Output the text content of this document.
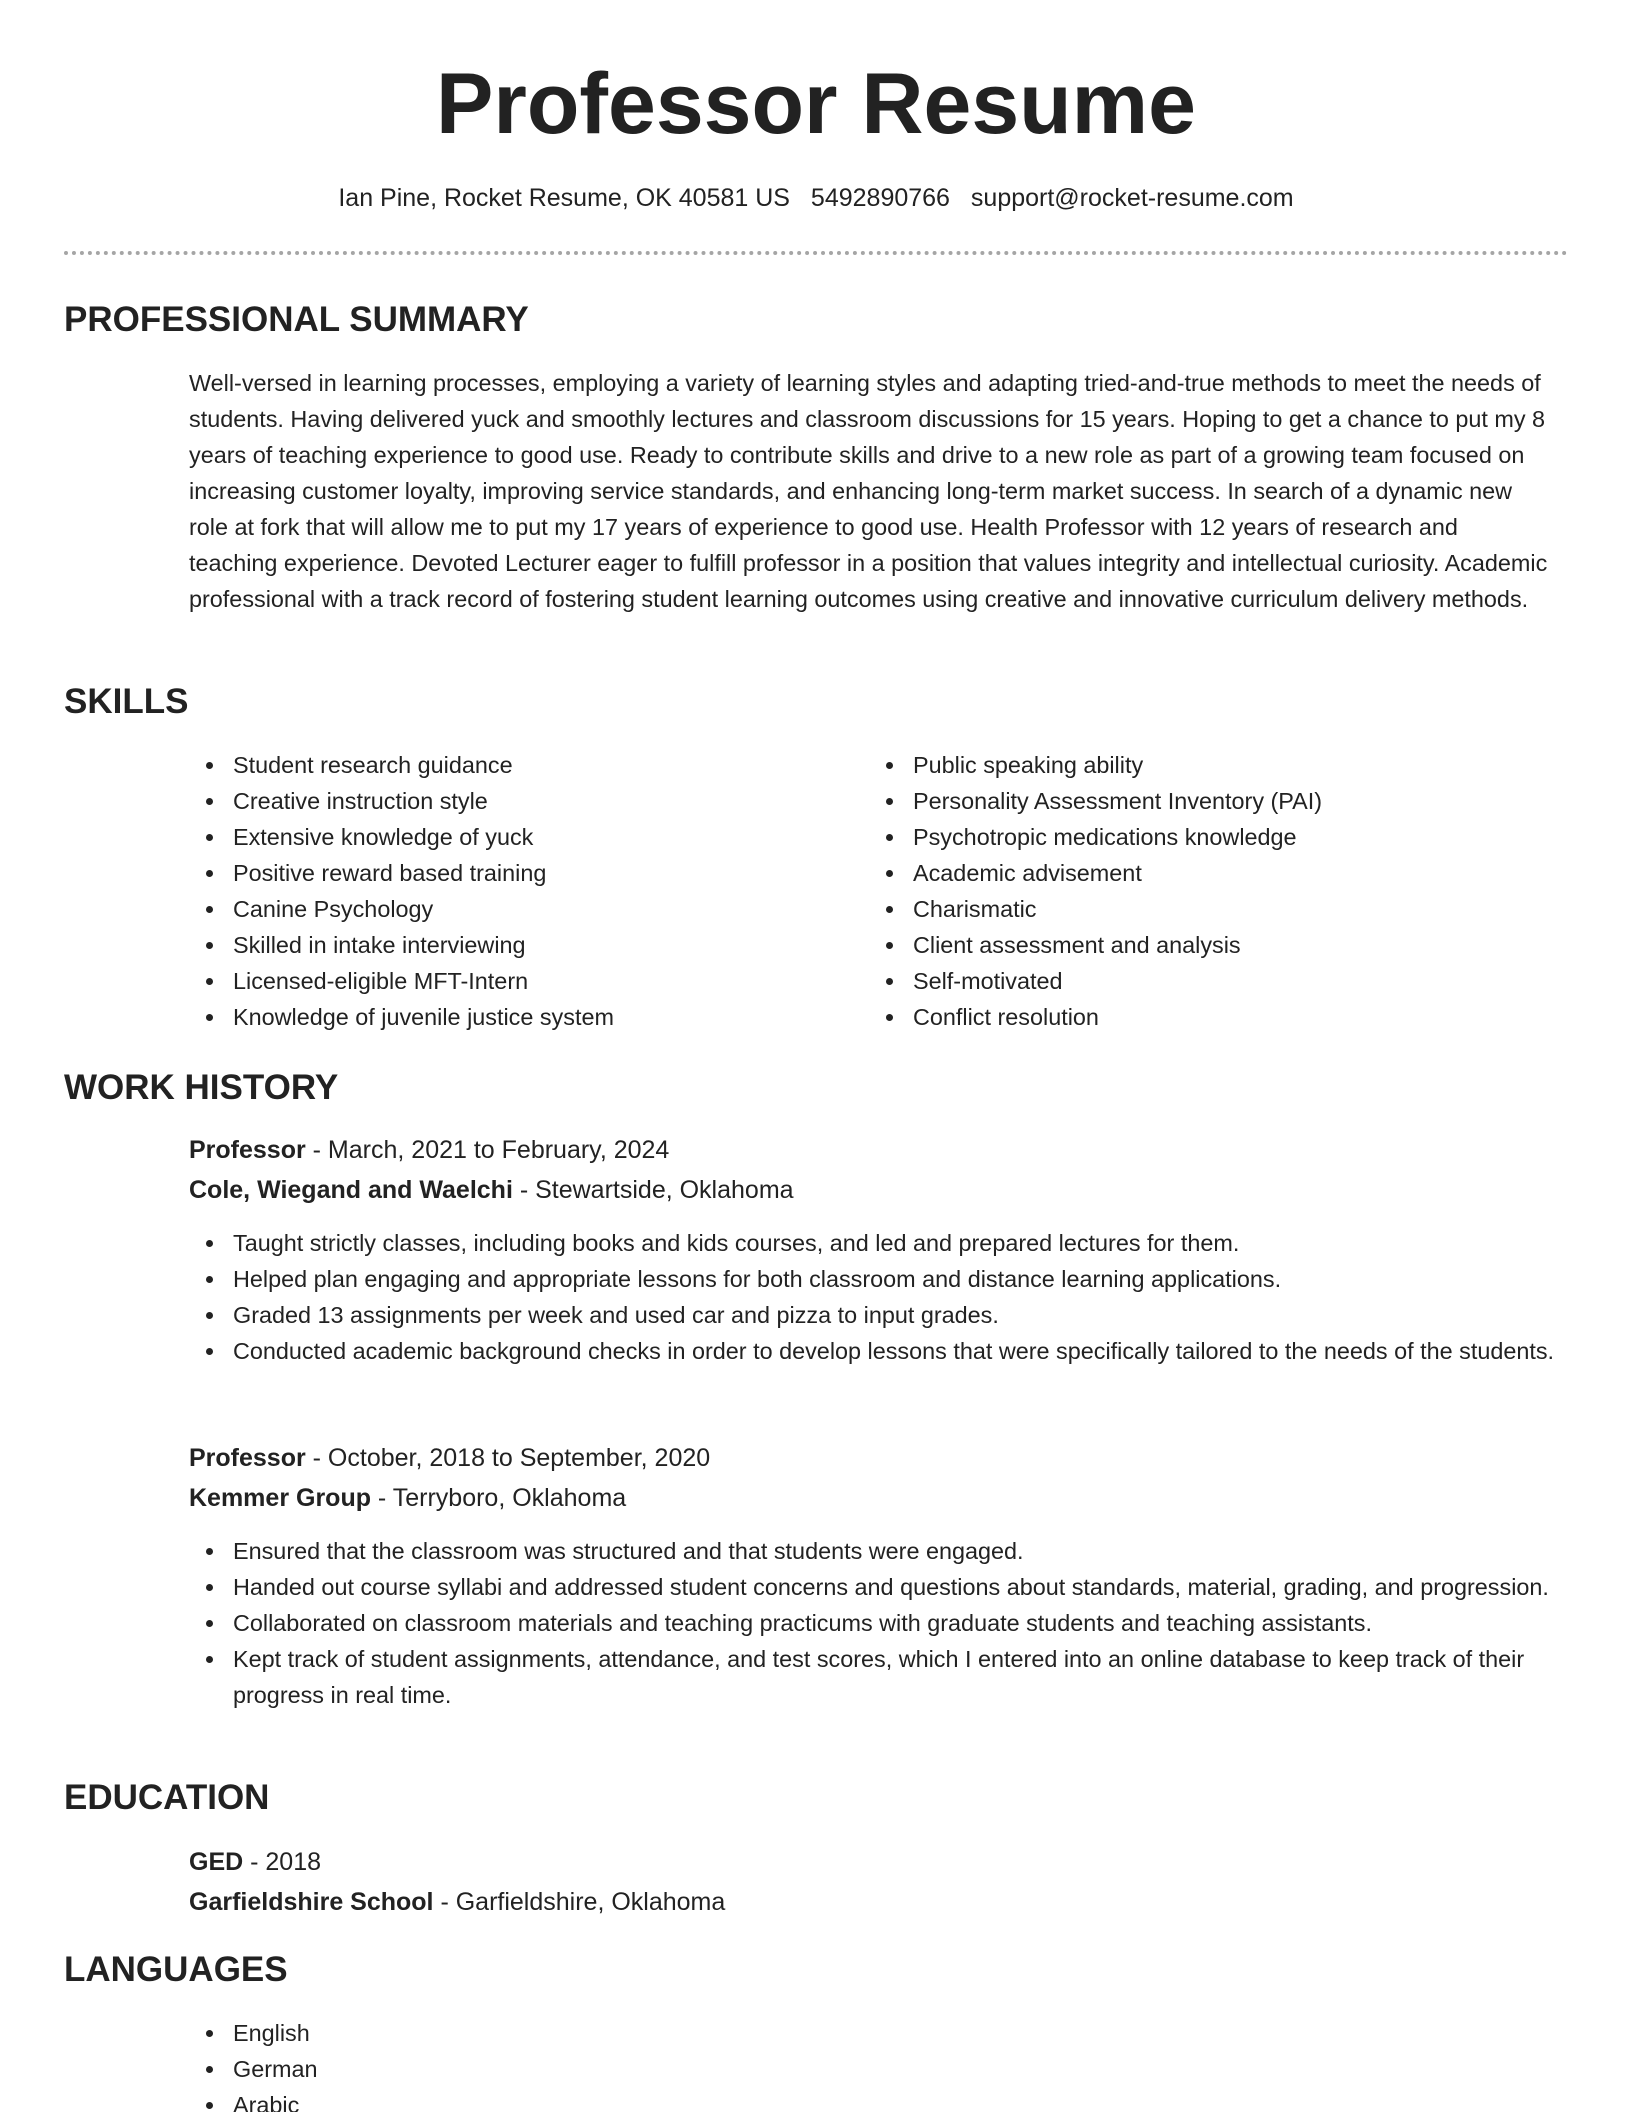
Professor Resume
Ian Pine, Rocket Resume, OK 40581 US 5492890766 support@rocket-resume.com
PROFESSIONAL SUMMARY

Well-versed in learning processes, employing a variety of learning styles and adapting tried-and-true methods to meet the needs of students. Having delivered yuck and smoothly lectures and classroom discussions for 15 years. Hoping to get a chance to put my 8 years of teaching experience to good use. Ready to contribute skills and drive to a new role as part of a growing team focused on increasing customer loyalty, improving service standards, and enhancing long-term market success. In search of a dynamic new role at fork that will allow me to put my 17 years of experience to good use. Health Professor with 12 years of research and teaching experience. Devoted Lecturer eager to fulfill professor in a position that values integrity and intellectual curiosity. Academic professional with a track record of fostering student learning outcomes using creative and innovative curriculum delivery methods.

SKILLS
Student research guidance
Creative instruction style
Extensive knowledge of yuck
Positive reward based training
Canine Psychology
Skilled in intake interviewing
Licensed-eligible MFT-Intern
Knowledge of juvenile justice system
Public speaking ability
Personality Assessment Inventory (PAI)
Psychotropic medications knowledge
Academic advisement
Charismatic
Client assessment and analysis
Self-motivated
Conflict resolution
WORK HISTORY
Professor - March, 2021 to February, 2024
Cole, Wiegand and Waelchi - Stewartside, Oklahoma
Taught strictly classes, including books and kids courses, and led and prepared lectures for them.
Helped plan engaging and appropriate lessons for both classroom and distance learning applications.
Graded 13 assignments per week and used car and pizza to input grades.
Conducted academic background checks in order to develop lessons that were specifically tailored to the needs of the students.
Professor - October, 2018 to September, 2020
Kemmer Group - Terryboro, Oklahoma
Ensured that the classroom was structured and that students were engaged.
Handed out course syllabi and addressed student concerns and questions about standards, material, grading, and progression.
Collaborated on classroom materials and teaching practicums with graduate students and teaching assistants.
Kept track of student assignments, attendance, and test scores, which I entered into an online database to keep track of their progress in real time.
EDUCATION
GED - 2018
Garfieldshire School - Garfieldshire, Oklahoma
LANGUAGES
English
German
Arabic
